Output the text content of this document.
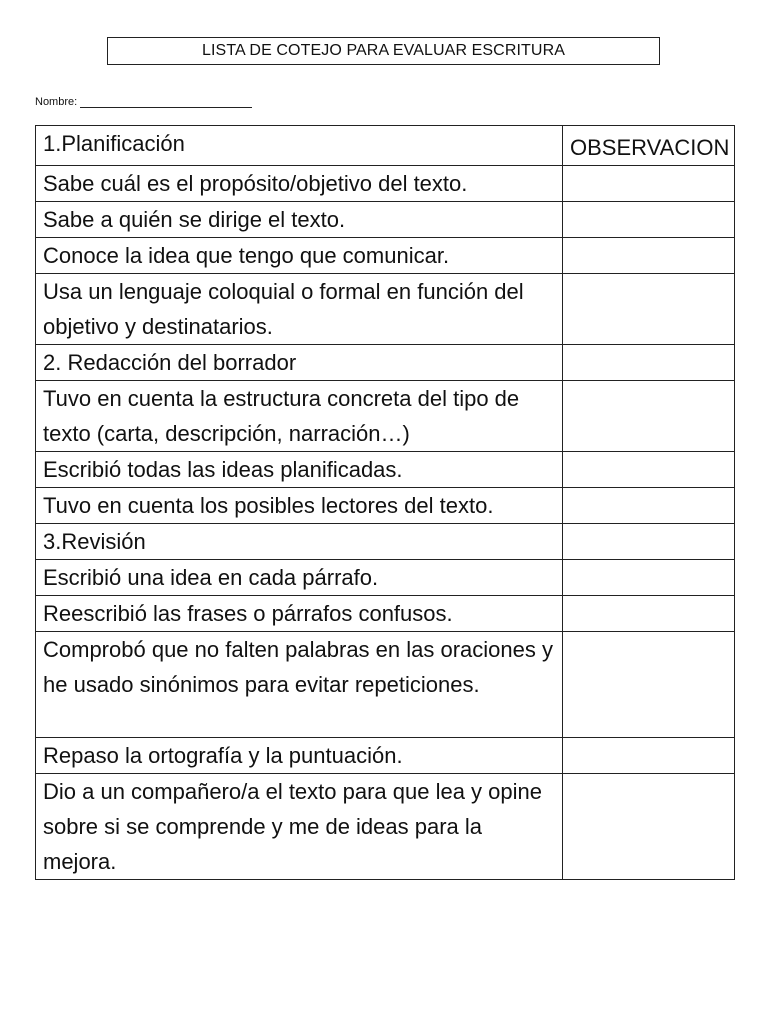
LISTA DE COTEJO PARA EVALUAR ESCRITURA
Nombre:
1.Planificación	OBSERVACION
Sabe cuál es el propósito/objetivo del texto.	
Sabe a quién se dirige el texto.	
Conoce la idea que tengo que comunicar.	
Usa un lenguaje coloquial o formal en función del objetivo y destinatarios.	
2. Redacción del borrador	
Tuvo en cuenta la estructura concreta del tipo de texto (carta, descripción, narración…)	
Escribió todas las ideas planificadas.	
Tuvo en cuenta los posibles lectores del texto.	
3.Revisión	
Escribió una idea en cada párrafo.	
Reescribió las frases o párrafos confusos.	
Comprobó que no falten palabras en las oraciones y he usado sinónimos para evitar repeticiones.	
Repaso la ortografía y la puntuación.	
Dio a un compañero/a el texto para que lea y opine sobre si se comprende y me de ideas para la mejora.	
